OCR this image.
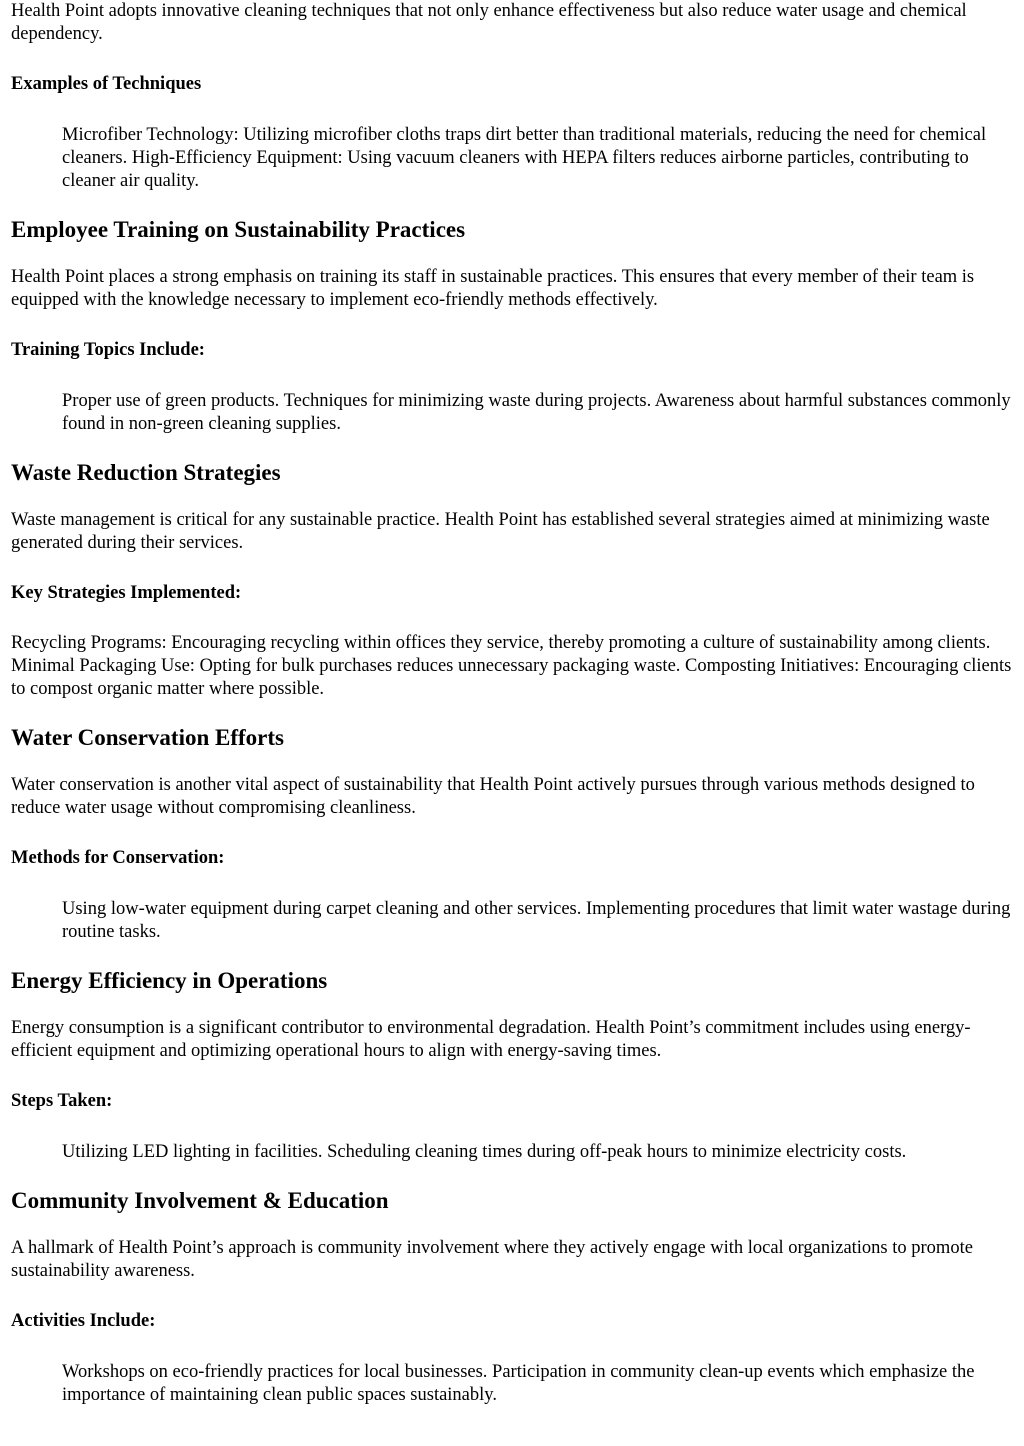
Health Point adopts innovative cleaning techniques that not only enhance effectiveness but also reduce water usage and chemical dependency.

Examples of Techniques

Microfiber Technology: Utilizing microfiber cloths traps dirt better than traditional materials, reducing the need for chemical cleaners. High-Efficiency Equipment: Using vacuum cleaners with HEPA filters reduces airborne particles, contributing to cleaner air quality.
Employee Training on Sustainability Practices

Health Point places a strong emphasis on training its staff in sustainable practices. This ensures that every member of their team is equipped with the knowledge necessary to implement eco-friendly methods effectively.

Training Topics Include:

Proper use of green products. Techniques for minimizing waste during projects. Awareness about harmful substances commonly found in non-green cleaning supplies.
Waste Reduction Strategies

Waste management is critical for any sustainable practice. Health Point has established several strategies aimed at minimizing waste generated during their services.

Key Strategies Implemented:

Recycling Programs: Encouraging recycling within offices they service, thereby promoting a culture of sustainability among clients. Minimal Packaging Use: Opting for bulk purchases reduces unnecessary packaging waste. Composting Initiatives: Encouraging clients to compost organic matter where possible.

Water Conservation Efforts

Water conservation is another vital aspect of sustainability that Health Point actively pursues through various methods designed to reduce water usage without compromising cleanliness.

Methods for Conservation:

Using low-water equipment during carpet cleaning and other services. Implementing procedures that limit water wastage during routine tasks.
Energy Efficiency in Operations

Energy consumption is a significant contributor to environmental degradation. Health Point’s commitment includes using energy-efficient equipment and optimizing operational hours to align with energy-saving times.

Steps Taken:

Utilizing LED lighting in facilities. Scheduling cleaning times during off-peak hours to minimize electricity costs.
Community Involvement & Education

A hallmark of Health Point’s approach is community involvement where they actively engage with local organizations to promote sustainability awareness.

Activities Include:

Workshops on eco-friendly practices for local businesses. Participation in community clean-up events which emphasize the importance of maintaining clean public spaces sustainably.
